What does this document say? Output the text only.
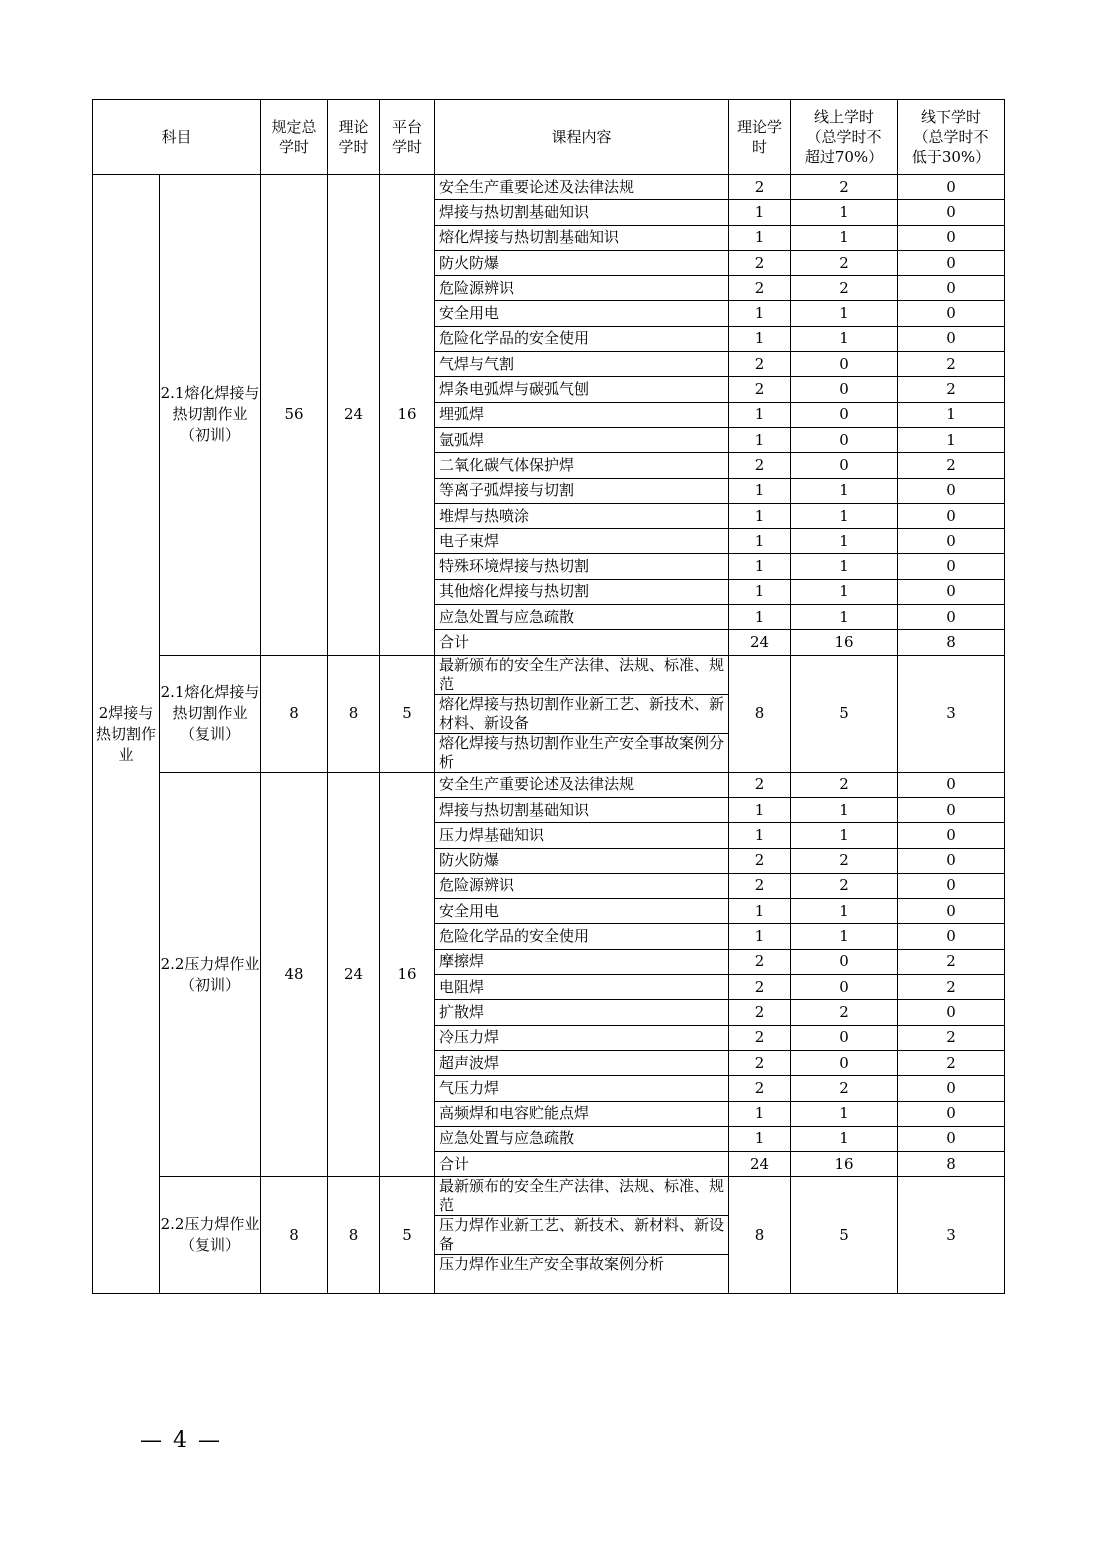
科目		规定总学时	理论学时	平台学时	课程内容	理论学时	线上学时（总学时不超过70%）	线下学时（总学时不低于30%）
2焊接与热切割作业	2.1熔化焊接与热切割作业（初训）	56	24	16	安全生产重要论述及法律法规	2	2	0
					焊接与热切割基础知识	1	1	0
					熔化焊接与热切割基础知识	1	1	0
					防火防爆	2	2	0
					危险源辨识	2	2	0
					安全用电	1	1	0
					危险化学品的安全使用	1	1	0
					气焊与气割	2	0	2
					焊条电弧焊与碳弧气刨	2	0	2
					埋弧焊	1	0	1
					氩弧焊	1	0	1
					二氧化碳气体保护焊	2	0	2
					等离子弧焊接与切割	1	1	0
					堆焊与热喷涂	1	1	0
					电子束焊	1	1	0
					特殊环境焊接与热切割	1	1	0
					其他熔化焊接与热切割	1	1	0
					应急处置与应急疏散	1	1	0
					合计	24	16	8
	2.1熔化焊接与热切割作业（复训）	8	8	5	最新颁布的安全生产法律、法规、标准、规范	8	5	3

					熔化焊接与热切割作业新工艺、新技术、新材料、新设备			

					熔化焊接与热切割作业生产安全事故案例分析			

	2.2压力焊作业（初训）	48	24	16	安全生产重要论述及法律法规	2	2	0
					焊接与热切割基础知识	1	1	0
					压力焊基础知识	1	1	0
					防火防爆	2	2	0
					危险源辨识	2	2	0
					安全用电	1	1	0
					危险化学品的安全使用	1	1	0
					摩擦焊	2	0	2
					电阻焊	2	0	2
					扩散焊	2	2	0
					冷压力焊	2	0	2
					超声波焊	2	0	2
					气压力焊	2	2	0
					高频焊和电容贮能点焊	1	1	0
					应急处置与应急疏散	1	1	0
					合计	24	16	8
	2.2压力焊作业（复训）	8	8	5	最新颁布的安全生产法律、法规、标准、规范	8	5	3

					压力焊作业新工艺、新技术、新材料、新设备			

					压力焊作业生产安全事故案例分析			
— 4 —
